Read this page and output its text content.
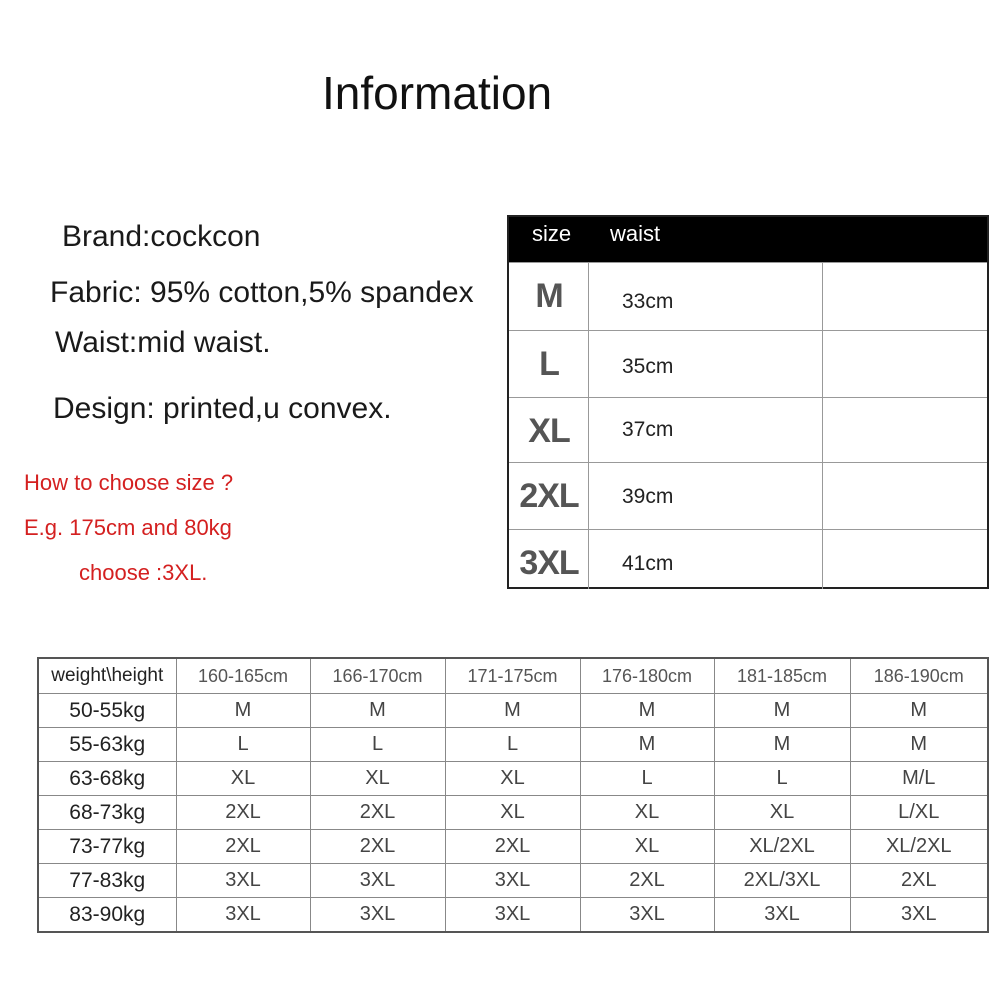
Information
Brand:cockcon
Fabric: 95% cotton,5% spandex
Waist:mid waist.
Design: printed,u convex.
How to choose size ?
E.g. 175cm and 80kg
choose :3XL.
size waist
M	33cm
L	35cm
XL	37cm
2XL	39cm
3XL	41cm
weight\height	160-165cm	166-170cm	171-175cm	176-180cm	181-185cm	186-190cm
50-55kg	M	M	M	M	M	M
55-63kg	L	L	L	M	M	M
63-68kg	XL	XL	XL	L	L	M/L
68-73kg	2XL	2XL	XL	XL	XL	L/XL
73-77kg	2XL	2XL	2XL	XL	XL/2XL	XL/2XL
77-83kg	3XL	3XL	3XL	2XL	2XL/3XL	2XL
83-90kg	3XL	3XL	3XL	3XL	3XL	3XL
